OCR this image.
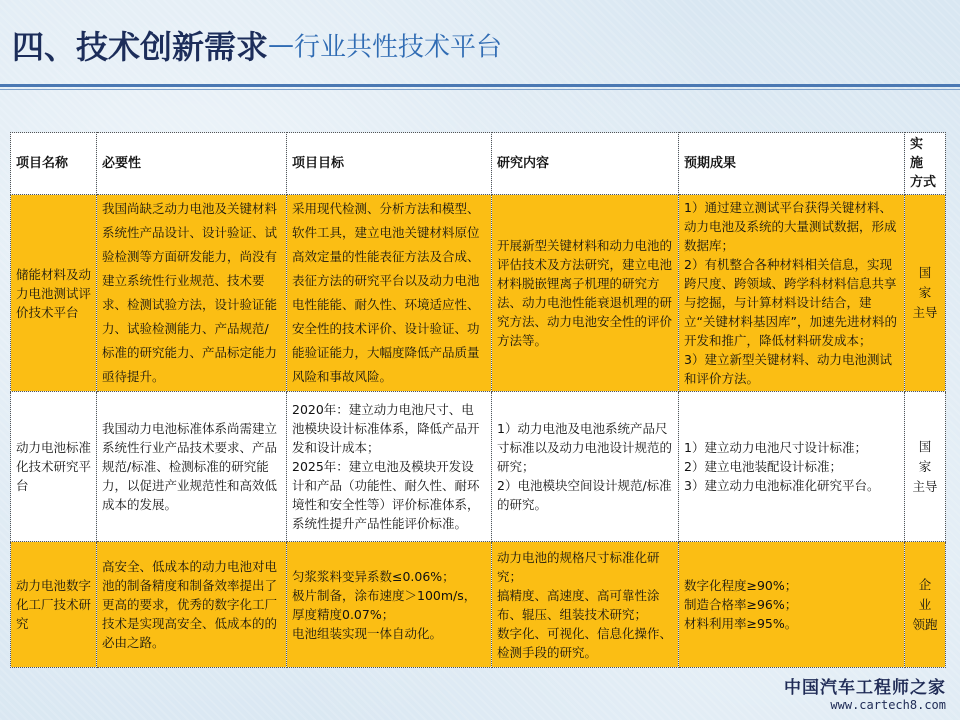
四、技术创新需求—行业共性技术平台
项目名称	必要性	项目目标	研究内容	预期成果	实　施
方式
储能材料及动力电池测试评价技术平台	我国尚缺乏动力电池及关键材料系统性产品设计、设计验证、试验检测等方面研发能力，尚没有建立系统性行业规范、技术要求、检测试验方法，设计验证能力、试验检测能力、产品规范/标准的研究能力、产品标定能力亟待提升。	采用现代检测、分析方法和模型、软件工具，建立电池关键材料原位高效定量的性能表征方法及合成、表征方法的研究平台以及动力电池电性能能、耐久性、环境适应性、安全性的技术评价、设计验证、功能验证能力，大幅度降低产品质量风险和事故风险。	开展新型关键材料和动力电池的评估技术及方法研究，建立电池材料脱嵌锂离子机理的研究方法、动力电池性能衰退机理的研究方法、动力电池安全性的评价方法等。	1）通过建立测试平台获得关键材料、动力电池及系统的大量测试数据，形成数据库；
2）有机整合各种材料相关信息，实现跨尺度、跨领域、跨学科材料信息共享与挖掘，与计算材料设计结合，建立“关键材料基因库”，加速先进材料的开发和推广，降低材料研发成本；
3）建立新型关键材料、动力电池测试和评价方法。	国　家
主导

动力电池标准化技术研究平台	我国动力电池标准体系尚需建立系统性行业产品技术要求、产品规范/标准、检测标准的研究能力，以促进产业规范性和高效低成本的发展。	2020年：建立动力电池尺寸、电池模块设计标准体系，降低产品开发和设计成本；
2025年：建立电池及模块开发设计和产品（功能性、耐久性、耐环境性和安全性等）评价标准体系，系统性提升产品性能评价标准。	1）动力电池及电池系统产品尺寸标准以及动力电池设计规范的研究；
2）电池模块空间设计规范/标准的研究。	1）建立动力电池尺寸设计标准；
2）建立电池装配设计标准；
3）建立动力电池标准化研究平台。	国　家
主导

动力电池数字化工厂技术研究	高安全、低成本的动力电池对电池的制备精度和制备效率提出了更高的要求，优秀的数字化工厂技术是实现高安全、低成本的的必由之路。	匀浆浆料变异系数≤0.06%；
极片制备，涂布速度＞100m/s，厚度精度0.07%；
电池组装实现一体自动化。	动力电池的规格尺寸标准化研究；
搞精度、高速度、高可靠性涂布、辊压、组装技术研究；
数字化、可视化、信息化操作、检测手段的研究。	数字化程度≥90%；
制造合格率≥96%；
材料利用率≥95%。	企　业
领跑
中国汽车工程师之家
www.cartech8.com
